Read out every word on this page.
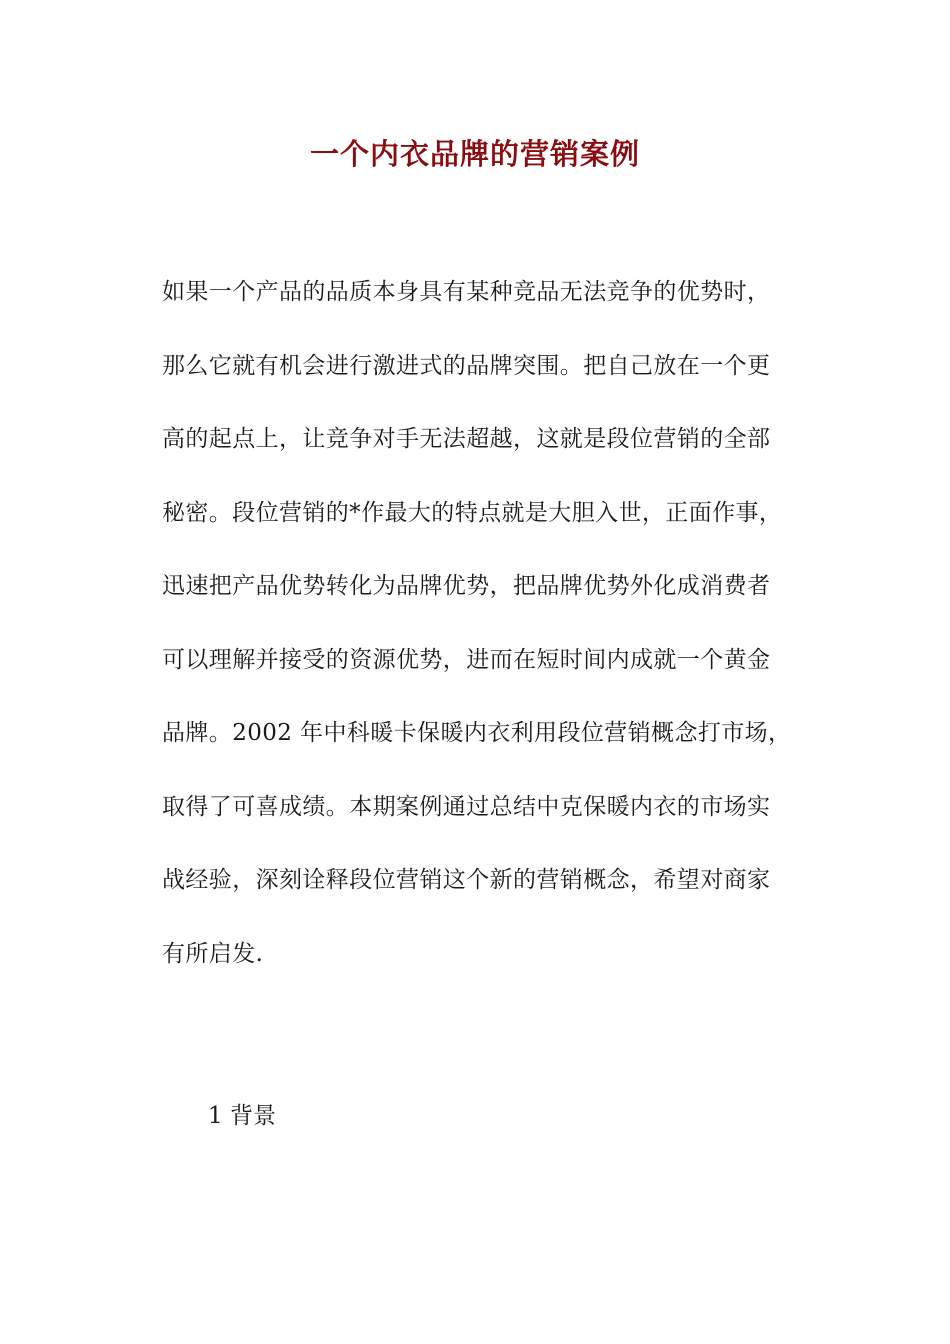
一个内衣品牌的营销案例
如果一个产品的品质本身具有某种竞品无法竞争的优势时，
那么它就有机会进行激进式的品牌突围。把自己放在一个更
高的起点上，让竞争对手无法超越，这就是段位营销的全部
秘密。段位营销的*作最大的特点就是大胆入世，正面作事，
迅速把产品优势转化为品牌优势，把品牌优势外化成消费者
可以理解并接受的资源优势，进而在短时间内成就一个黄金
品牌。2002 年中科暖卡保暖内衣利用段位营销概念打市场，
取得了可喜成绩。本期案例通过总结中克保暖内衣的市场实
战经验，深刻诠释段位营销这个新的营销概念，希望对商家
有所启发.
1 背景
